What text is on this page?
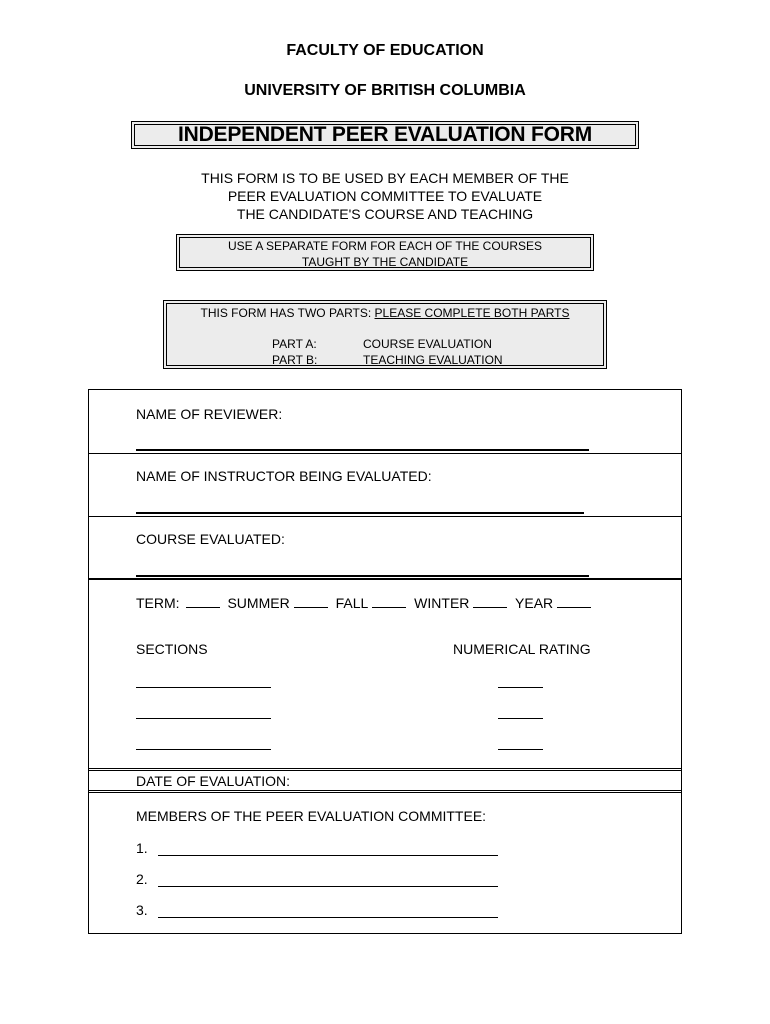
FACULTY OF EDUCATION
UNIVERSITY OF BRITISH COLUMBIA
INDEPENDENT PEER EVALUATION FORM
THIS FORM IS TO BE USED BY EACH MEMBER OF THE
PEER EVALUATION COMMITTEE TO EVALUATE
THE CANDIDATE'S COURSE AND TEACHING
USE A SEPARATE FORM FOR EACH OF THE COURSES
TAUGHT BY THE CANDIDATE
THIS FORM HAS TWO PARTS: PLEASE COMPLETE BOTH PARTS
PART A:	COURSE EVALUATION
PART B:	TEACHING EVALUATION
NAME OF REVIEWER:
NAME OF INSTRUCTOR BEING EVALUATED:
COURSE EVALUATED:
TERM:	SUMMER	FALL	WINTER	YEAR
SECTIONS	NUMERICAL RATING
DATE OF EVALUATION:
MEMBERS OF THE PEER EVALUATION COMMITTEE:
1.
2.
3.
